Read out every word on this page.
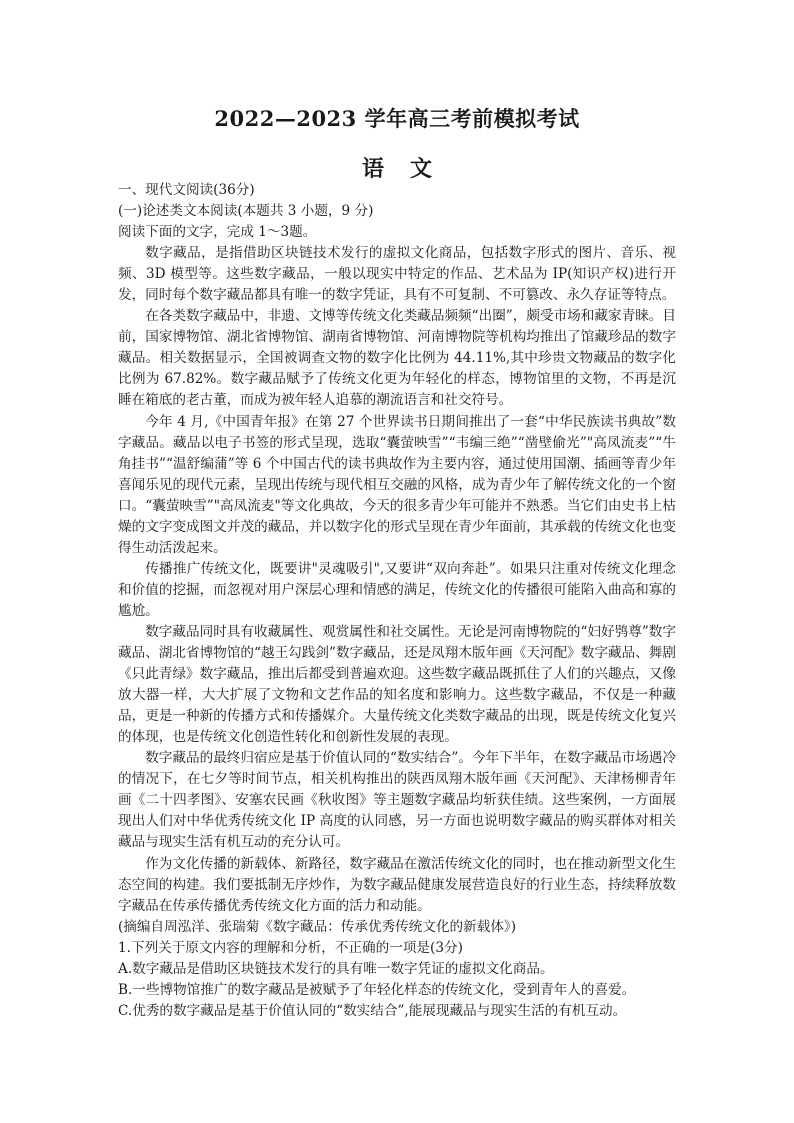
2022—2023 学年高三考前模拟考试
语文

一、现代文阅读(36分)

(一)论述类文本阅读(本题共 3 小题，9 分)

阅读下面的文字，完成 1～3题。

数字藏品，是指借助区块链技术发行的虚拟文化商品，包括数字形式的图片、音乐、视频、3D 模型等。这些数字藏品，一般以现实中特定的作品、艺术品为 IP(知识产权)进行开发，同时每个数字藏品都具有唯一的数字凭证，具有不可复制、不可篡改、永久存证等特点。

在各类数字藏品中，非遗、文博等传统文化类藏品频频“出圈”，颇受市场和藏家青睐。目前，国家博物馆、湖北省博物馆、湖南省博物馆、河南博物院等机构均推出了馆藏珍品的数字藏品。相关数据显示，全国被调查文物的数字化比例为 44.11%,其中珍贵文物藏品的数字化比例为 67.82%。数字藏品赋予了传统文化更为年轻化的样态，博物馆里的文物，不再是沉睡在箱底的老古董，而成为被年轻人追慕的潮流语言和社交符号。

今年 4 月,《中国青年报》在第 27 个世界读书日期间推出了一套“中华民族读书典故”数字藏品。藏品以电子书签的形式呈现，选取“囊萤映雪”“韦编三绝”“凿壁偷光”"高凤流麦”“牛角挂书”“温舒编蒲”等 6 个中国古代的读书典故作为主要内容，通过使用国潮、插画等青少年喜闻乐见的现代元素，呈现出传统与现代相互交融的风格，成为青少年了解传统文化的一个窗口。“囊萤映雪”"高凤流麦"等文化典故，今天的很多青少年可能并不熟悉。当它们由史书上枯燥的文字变成图文并茂的藏品，并以数字化的形式呈现在青少年面前，其承载的传统文化也变得生动活泼起来。

传播推广传统文化，既要讲"灵魂吸引",又要讲“双向奔赴”。如果只注重对传统文化理念和价值的挖掘，而忽视对用户深层心理和情感的满足，传统文化的传播很可能陷入曲高和寡的尴尬。

数字藏品同时具有收藏属性、观赏属性和社交属性。无论是河南博物院的“妇好鸮尊”数字藏品、湖北省博物馆的“越王勾践剑”数字藏品，还是凤翔木版年画《天河配》数字藏品、舞剧《只此青绿》数字藏品，推出后都受到普遍欢迎。这些数字藏品既抓住了人们的兴趣点，又像放大器一样，大大扩展了文物和文艺作品的知名度和影响力。这些数字藏品，不仅是一种藏品，更是一种新的传播方式和传播媒介。大量传统文化类数字藏品的出现，既是传统文化复兴的体现，也是传统文化创造性转化和创新性发展的表现。

数字藏品的最终归宿应是基于价值认同的“数实结合”。今年下半年，在数字藏品市场遇冷的情况下，在七夕等时间节点，相关机构推出的陕西凤翔木版年画《天河配》、天津杨柳青年画《二十四孝图》、安塞农民画《秋收图》等主题数字藏品均斩获佳绩。这些案例，一方面展现出人们对中华优秀传统文化 IP 高度的认同感，另一方面也说明数字藏品的购买群体对相关藏品与现实生活有机互动的充分认可。

作为文化传播的新载体、新路径，数字藏品在激活传统文化的同时，也在推动新型文化生态空间的构建。我们要抵制无序炒作，为数字藏品健康发展营造良好的行业生态，持续释放数字藏品在传承传播优秀传统文化方面的活力和动能。

(摘编自周泓洋、张瑞菊《数字藏品：传承优秀传统文化的新载体》)

1.下列关于原文内容的理解和分析，不正确的一项是(3分)

A.数字藏品是借助区块链技术发行的具有唯一数字凭证的虚拟文化商品。

B.一些博物馆推广的数字藏品是被赋予了年轻化样态的传统文化，受到青年人的喜爱。

C.优秀的数字藏品是基于价值认同的“数实结合”,能展现藏品与现实生活的有机互动。
